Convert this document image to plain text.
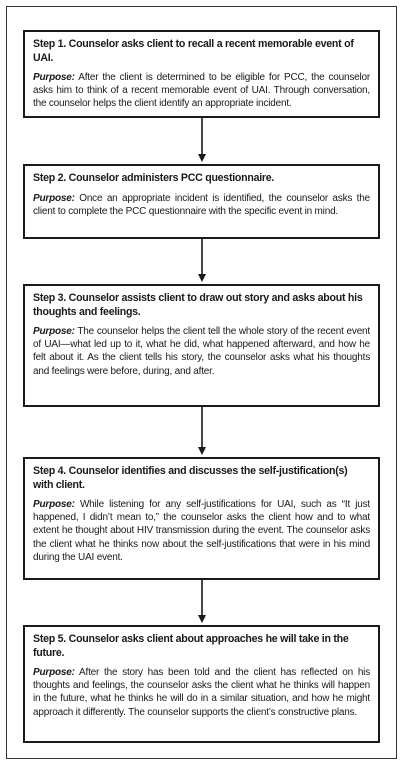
Step 1. Counselor asks client to recall a recent memorable event of UAI.

Purpose: After the client is determined to be eligible for PCC, the counselor asks him to think of a recent memorable event of UAI. Through conversation, the counselor helps the client identify an appropriate incident.

Step 2. Counselor administers PCC questionnaire.

Purpose: Once an appropriate incident is identified, the counselor asks the client to complete the PCC questionnaire with the specific event in mind.

Step 3. Counselor assists client to draw out story and asks about his thoughts and feelings.

Purpose: The counselor helps the client tell the whole story of the recent event of UAI—what led up to it, what he did, what happened afterward, and how he felt about it. As the client tells his story, the counselor asks what his thoughts and feelings were before, during, and after.

Step 4. Counselor identifies and discusses the self-justification(s) with client.

Purpose: While listening for any self-justifications for UAI, such as “It just happened, I didn’t mean to,” the counselor asks the client how and to what extent he thought about HIV transmission during the event. The counselor asks the client what he thinks now about the self-justifications that were in his mind during the UAI event.

Step 5. Counselor asks client about approaches he will take in the future.

Purpose: After the story has been told and the client has reflected on his thoughts and feelings, the counselor asks the client what he thinks will happen in the future, what he thinks he will do in a similar situation, and how he might approach it differently. The counselor supports the client’s constructive plans.
